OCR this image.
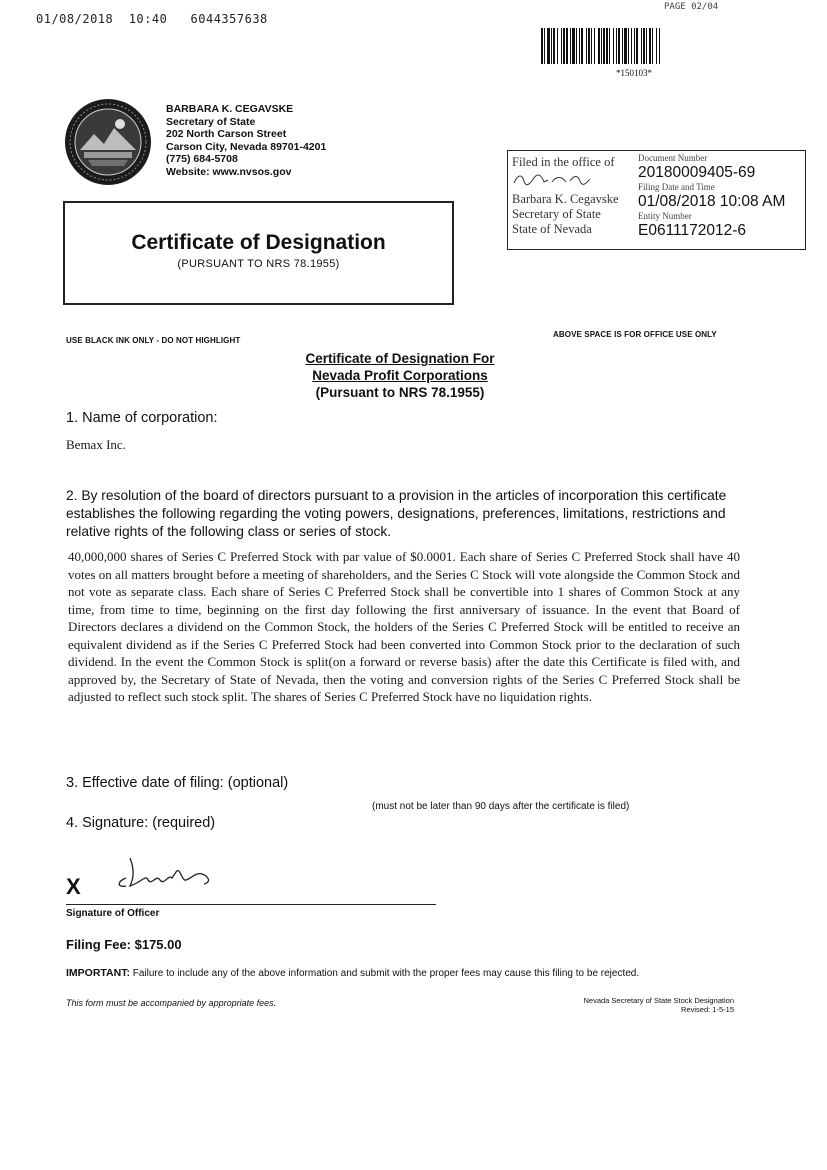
01/08/2018 10:40 6044357638
PAGE 02/04
*150103*
BARBARA K. CEGAVSKE
Secretary of State
202 North Carson Street
Carson City, Nevada 89701-4201
(775) 684-5708
Website: www.nvsos.gov
Filed in the office of
Barbara K. Cegavske
Secretary of State
State of Nevada
Document Number
20180009405-69
Filing Date and Time
01/08/2018 10:08 AM
Entity Number
E0611172012-6
Certificate of Designation
(PURSUANT TO NRS 78.1955)
USE BLACK INK ONLY - DO NOT HIGHLIGHT
ABOVE SPACE IS FOR OFFICE USE ONLY
Certificate of Designation For
Nevada Profit Corporations
(Pursuant to NRS 78.1955)
1. Name of corporation:
Bemax Inc.
2. By resolution of the board of directors pursuant to a provision in the articles of incorporation this certificate establishes the following regarding the voting powers, designations, preferences, limitations, restrictions and relative rights of the following class or series of stock.
40,000,000 shares of Series C Preferred Stock with par value of $0.0001. Each share of Series C Preferred Stock shall have 40 votes on all matters brought before a meeting of shareholders, and the Series C Stock will vote alongside the Common Stock and not vote as separate class. Each share of Series C Preferred Stock shall be convertible into 1 shares of Common Stock at any time, from time to time, beginning on the first day following the first anniversary of issuance. In the event that Board of Directors declares a dividend on the Common Stock, the holders of the Series C Preferred Stock will be entitled to receive an equivalent dividend as if the Series C Preferred Stock had been converted into Common Stock prior to the declaration of such dividend. In the event the Common Stock is split(on a forward or reverse basis) after the date this Certificate is filed with, and approved by, the Secretary of State of Nevada, then the voting and conversion rights of the Series C Preferred Stock shall be adjusted to reflect such stock split. The shares of Series C Preferred Stock have no liquidation rights.
3. Effective date of filing: (optional)
(must not be later than 90 days after the certificate is filed)
4. Signature: (required)
X
Signature of Officer
Filing Fee: $175.00
IMPORTANT: Failure to include any of the above information and submit with the proper fees may cause this filing to be rejected.
This form must be accompanied by appropriate fees.	Nevada Secretary of State Stock Designation
Revised: 1-5-15
